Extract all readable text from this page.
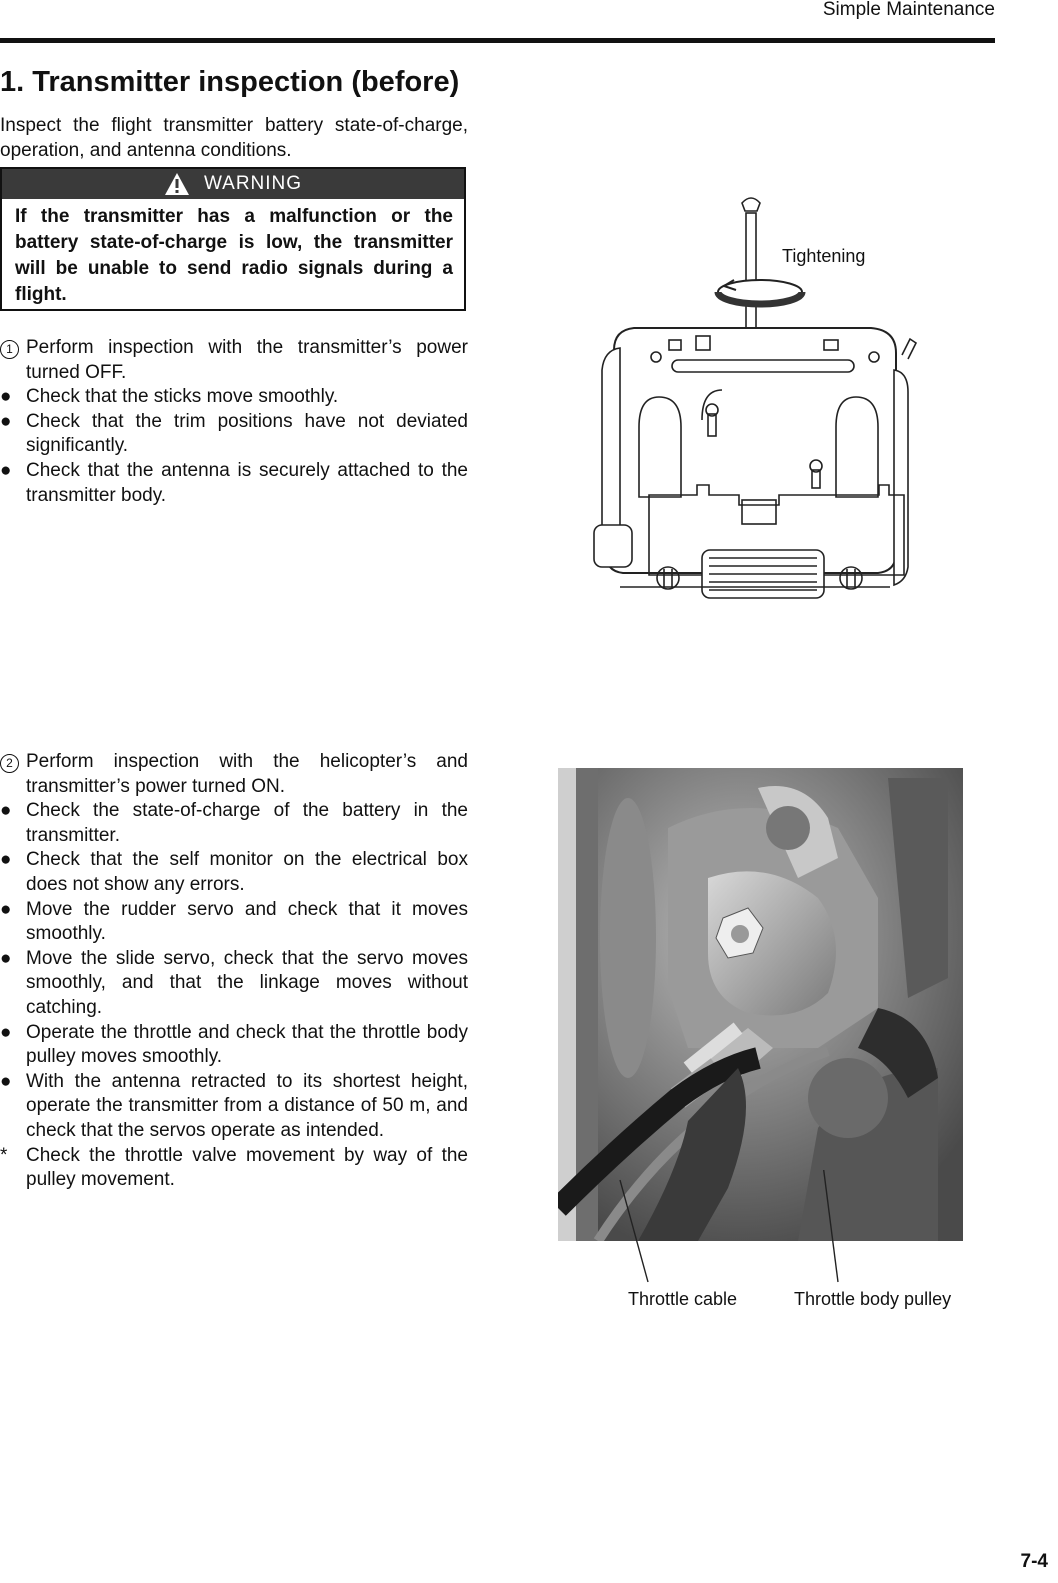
Simple Maintenance
1. Transmitter inspection (before)

Inspect the flight transmitter battery state-of-charge, operation, and antenna conditions.

WARNING

If the transmitter has a malfunction or the battery state-of-charge is low, the transmitter will be unable to send radio signals during a flight.

1 Perform inspection with the transmitter’s power turned OFF.
● Check that the sticks move smoothly.
● Check that the trim positions have not deviated significantly.
● Check that the antenna is securely attached to the transmitter body.
Tightening
2 Perform inspection with the helicopter’s and transmitter’s power turned ON.
● Check the state-of-charge of the battery in the transmitter.
● Check that the self monitor on the electrical box does not show any errors.
● Move the rudder servo and check that it moves smoothly.
● Move the slide servo, check that the servo moves smoothly, and that the linkage moves without catching.
● Operate the throttle and check that the throttle body pulley moves smoothly.
● With the antenna retracted to its shortest height, operate the transmitter from a distance of 50 m, and check that the servos operate as intended.
* Check the throttle valve movement by way of the pulley movement.
Throttle cable	Throttle body pulley
7-4
